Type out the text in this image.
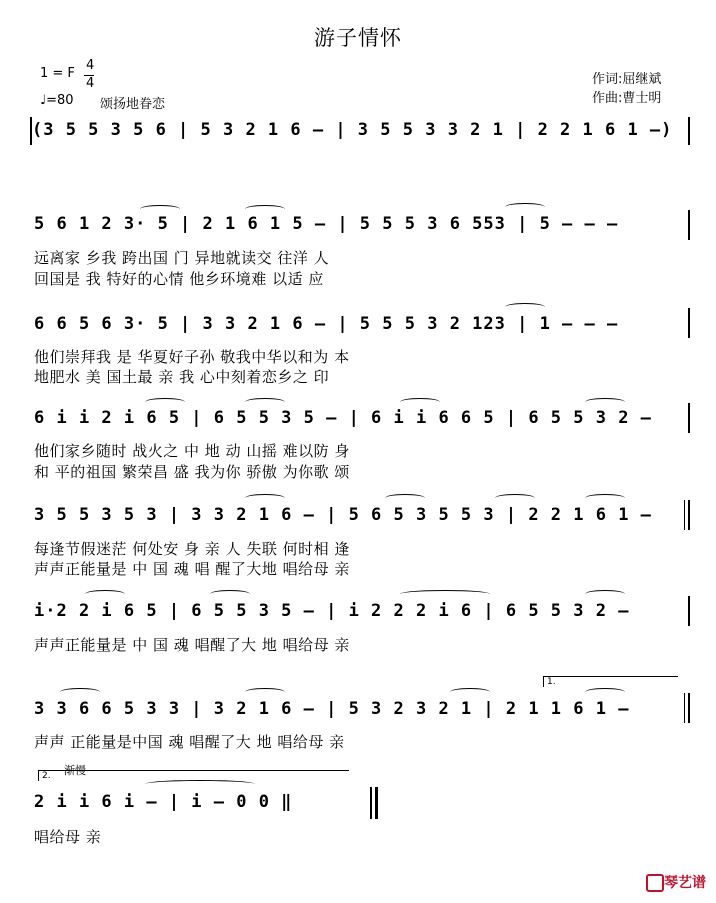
游子情怀
1 = F
4
4
♩=80 颂扬地眷恋
作词:屈继斌
作曲:曹士明
(3 5 5 3 5 6 | 5 3 2 1 6 – | 3 5 5 3 3 2 1 | 2 2 1 6 1 –)
5 6 1 2 3· 5 | 2 1 6 1 5 – | 5 5 5 3 6 553 | 5 – – –
远离家 乡我 跨出国 门 异地就读交 往洋 人
回国是 我 特好的心情 他乡环境难 以适 应
6 6 5 6 3· 5 | 3 3 2 1 6 – | 5 5 5 3 2 123 | 1 – – –
他们崇拜我 是 华夏好子孙 敬我中华以和为 本
地肥水 美 国土最 亲 我 心中刻着恋乡之 印
6 i i 2 i 6 5 | 6 5 5 3 5 – | 6 i i 6 6 5 | 6 5 5 3 2 –
他们家乡随时 战火之 中 地 动 山摇 难以防 身
和 平的祖国 繁荣昌 盛 我为你 骄傲 为你歌 颂
3 5 5 3 5 3 | 3 3 2 1 6 – | 5 6 5 3 5 5 3 | 2 2 1 6 1 –
每逢节假迷茫 何处安 身 亲 人 失联 何时相 逢
声声正能量是 中 国 魂 唱 醒了大地 唱给母 亲
i·2 2 i 6 5 | 6 5 5 3 5 – | i 2 2 2 i 6 | 6 5 5 3 2 –
声声正能量是 中 国 魂 唱醒了大 地 唱给母 亲
1.
3 3 6 6 5 3 3 | 3 2 1 6 – | 5 3 2 3 2 1 | 2 1 1 6 1 –
声声 正能量是中国 魂 唱醒了大 地 唱给母 亲
2. 渐慢
2 i i 6 i – | i – 0 0 ‖
唱给母 亲
琴艺谱
